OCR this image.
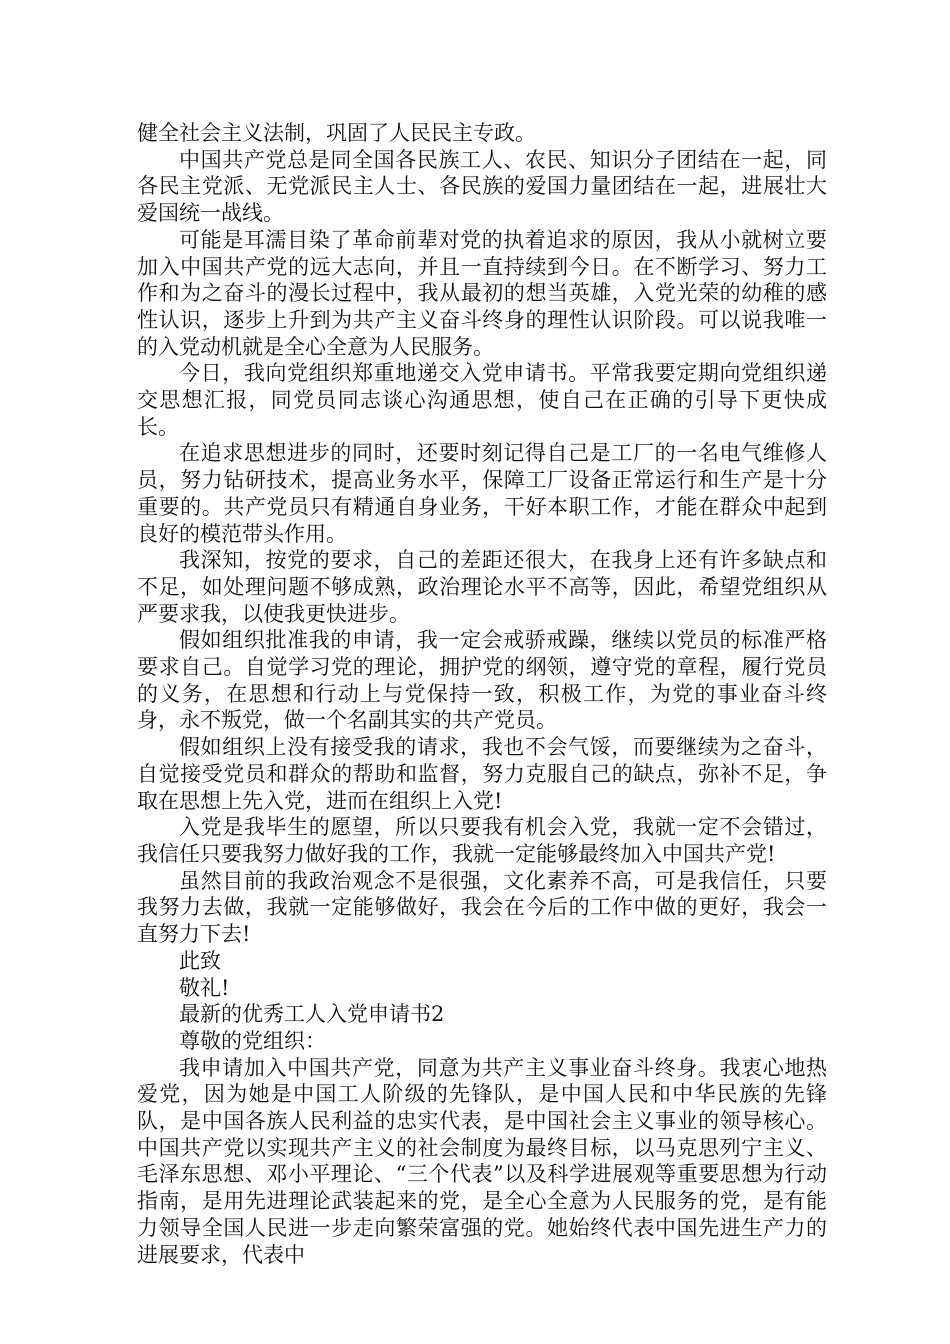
健全社会主义法制，巩固了人民民主专政。

中国共产党总是同全国各民族工人、农民、知识分子团结在一起，同各民主党派、无党派民主人士、各民族的爱国力量团结在一起，进展壮大爱国统一战线。

可能是耳濡目染了革命前辈对党的执着追求的原因，我从小就树立要加入中国共产党的远大志向，并且一直持续到今日。在不断学习、努力工作和为之奋斗的漫长过程中，我从最初的想当英雄，入党光荣的幼稚的感性认识，逐步上升到为共产主义奋斗终身的理性认识阶段。可以说我唯一的入党动机就是全心全意为人民服务。

今日，我向党组织郑重地递交入党申请书。平常我要定期向党组织递交思想汇报，同党员同志谈心沟通思想，使自己在正确的引导下更快成长。

在追求思想进步的同时，还要时刻记得自己是工厂的一名电气维修人员，努力钻研技术，提高业务水平，保障工厂设备正常运行和生产是十分重要的。共产党员只有精通自身业务，干好本职工作，才能在群众中起到良好的模范带头作用。

我深知，按党的要求，自己的差距还很大，在我身上还有许多缺点和不足，如处理问题不够成熟，政治理论水平不高等，因此，希望党组织从严要求我，以使我更快进步。

假如组织批准我的申请，我一定会戒骄戒躁，继续以党员的标准严格要求自己。自觉学习党的理论，拥护党的纲领，遵守党的章程，履行党员的义务，在思想和行动上与党保持一致，积极工作，为党的事业奋斗终身，永不叛党，做一个名副其实的共产党员。

假如组织上没有接受我的请求，我也不会气馁，而要继续为之奋斗，自觉接受党员和群众的帮助和监督，努力克服自己的缺点，弥补不足，争取在思想上先入党，进而在组织上入党!

入党是我毕生的愿望，所以只要我有机会入党，我就一定不会错过，我信任只要我努力做好我的工作，我就一定能够最终加入中国共产党!

虽然目前的我政治观念不是很强，文化素养不高，可是我信任，只要我努力去做，我就一定能够做好，我会在今后的工作中做的更好，我会一直努力下去!

此致

敬礼!

最新的优秀工人入党申请书2

尊敬的党组织：

我申请加入中国共产党，同意为共产主义事业奋斗终身。我衷心地热爱党，因为她是中国工人阶级的先锋队，是中国人民和中华民族的先锋队，是中国各族人民利益的忠实代表，是中国社会主义事业的领导核心。中国共产党以实现共产主义的社会制度为最终目标，以马克思列宁主义、毛泽东思想、邓小平理论、“三个代表”以及科学进展观等重要思想为行动指南，是用先进理论武装起来的党，是全心全意为人民服务的党，是有能力领导全国人民进一步走向繁荣富强的党。她始终代表中国先进生产力的进展要求，代表中
